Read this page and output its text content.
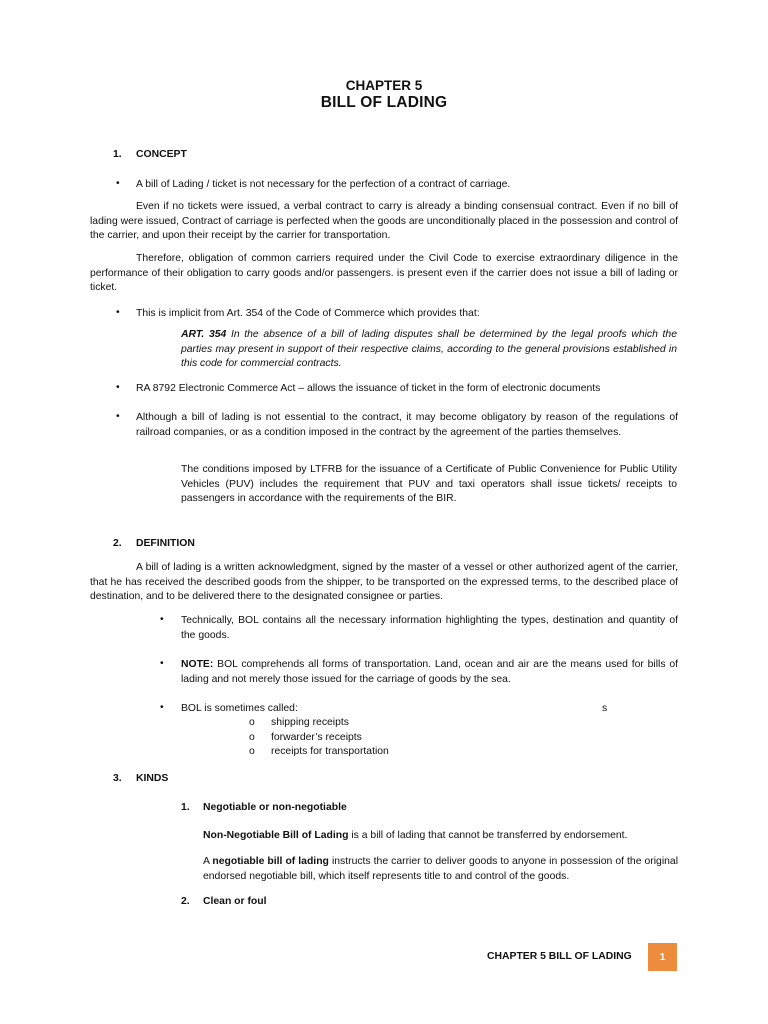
CHAPTER 5
BILL OF LADING
1. CONCEPT
• A bill of Lading / ticket is not necessary for the perfection of a contract of carriage.
Even if no tickets were issued, a verbal contract to carry is already a binding consensual contract. Even if no bill of lading were issued, Contract of carriage is perfected when the goods are unconditionally placed in the possession and control of the carrier, and upon their receipt by the carrier for transportation.
Therefore, obligation of common carriers required under the Civil Code to exercise extraordinary diligence in the performance of their obligation to carry goods and/or passengers. is present even if the carrier does not issue a bill of lading or ticket.
• This is implicit from Art. 354 of the Code of Commerce which provides that:
ART. 354 In the absence of a bill of lading disputes shall be determined by the legal proofs which the parties may present in support of their respective claims, according to the general provisions established in this code for commercial contracts.
• RA 8792 Electronic Commerce Act – allows the issuance of ticket in the form of electronic documents
• Although a bill of lading is not essential to the contract, it may become obligatory by reason of the regulations of railroad companies, or as a condition imposed in the contract by the agreement of the parties themselves.
The conditions imposed by LTFRB for the issuance of a Certificate of Public Convenience for Public Utility Vehicles (PUV) includes the requirement that PUV and taxi operators shall issue tickets/ receipts to passengers in accordance with the requirements of the BIR.
2. DEFINITION
A bill of lading is a written acknowledgment, signed by the master of a vessel or other authorized agent of the carrier, that he has received the described goods from the shipper, to be transported on the expressed terms, to the described place of destination, and to be delivered there to the designated consignee or parties.
• Technically, BOL contains all the necessary information highlighting the types, destination and quantity of the goods.
• NOTE: BOL comprehends all forms of transportation. Land, ocean and air are the means used for bills of lading and not merely those issued for the carriage of goods by the sea.
• BOL is sometimes called:	s
o shipping receipts
o forwarder’s receipts
o receipts for transportation
3. KINDS
1. Negotiable or non-negotiable
Non-Negotiable Bill of Lading is a bill of lading that cannot be transferred by endorsement.
A negotiable bill of lading instructs the carrier to deliver goods to anyone in possession of the original endorsed negotiable bill, which itself represents title to and control of the goods.
2. Clean or foul
CHAPTER 5 BILL OF LADING	1
